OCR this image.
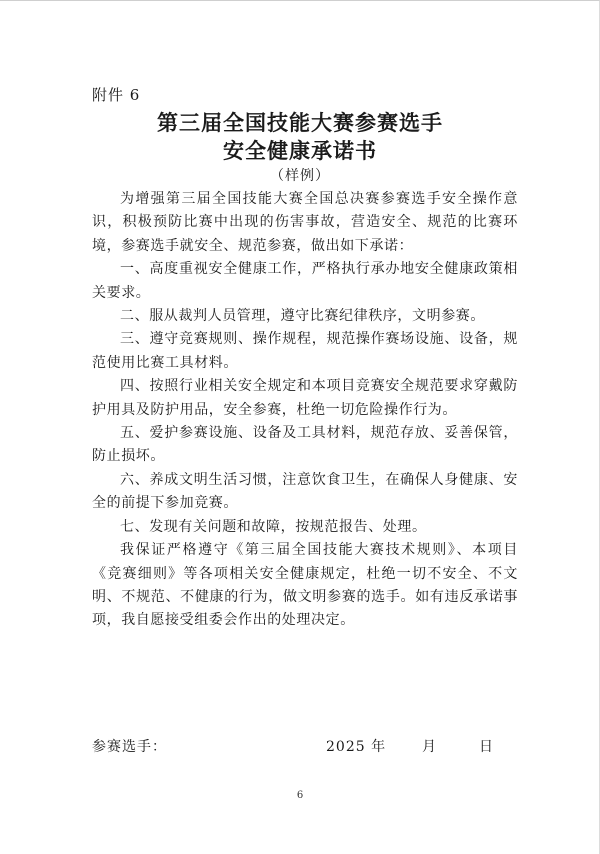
附件 6
第三届全国技能大赛参赛选手
安全健康承诺书
（样例）

为增强第三届全国技能大赛全国总决赛参赛选手安全操作意识，积极预防比赛中出现的伤害事故，营造安全、规范的比赛环境，参赛选手就安全、规范参赛，做出如下承诺：

一、高度重视安全健康工作，严格执行承办地安全健康政策相关要求。

二、服从裁判人员管理，遵守比赛纪律秩序，文明参赛。

三、遵守竞赛规则、操作规程，规范操作赛场设施、设备，规范使用比赛工具材料。

四、按照行业相关安全规定和本项目竞赛安全规范要求穿戴防护用具及防护用品，安全参赛，杜绝一切危险操作行为。

五、爱护参赛设施、设备及工具材料，规范存放、妥善保管，防止损坏。

六、养成文明生活习惯，注意饮食卫生，在确保人身健康、安全的前提下参加竞赛。

七、发现有关问题和故障，按规范报告、处理。

我保证严格遵守《第三届全国技能大赛技术规则》、本项目《竞赛细则》等各项相关安全健康规定，杜绝一切不安全、不文明、不规范、不健康的行为，做文明参赛的选手。如有违反承诺事项，我自愿接受组委会作出的处理决定。

参赛选手：	2025 年	月	日
6
